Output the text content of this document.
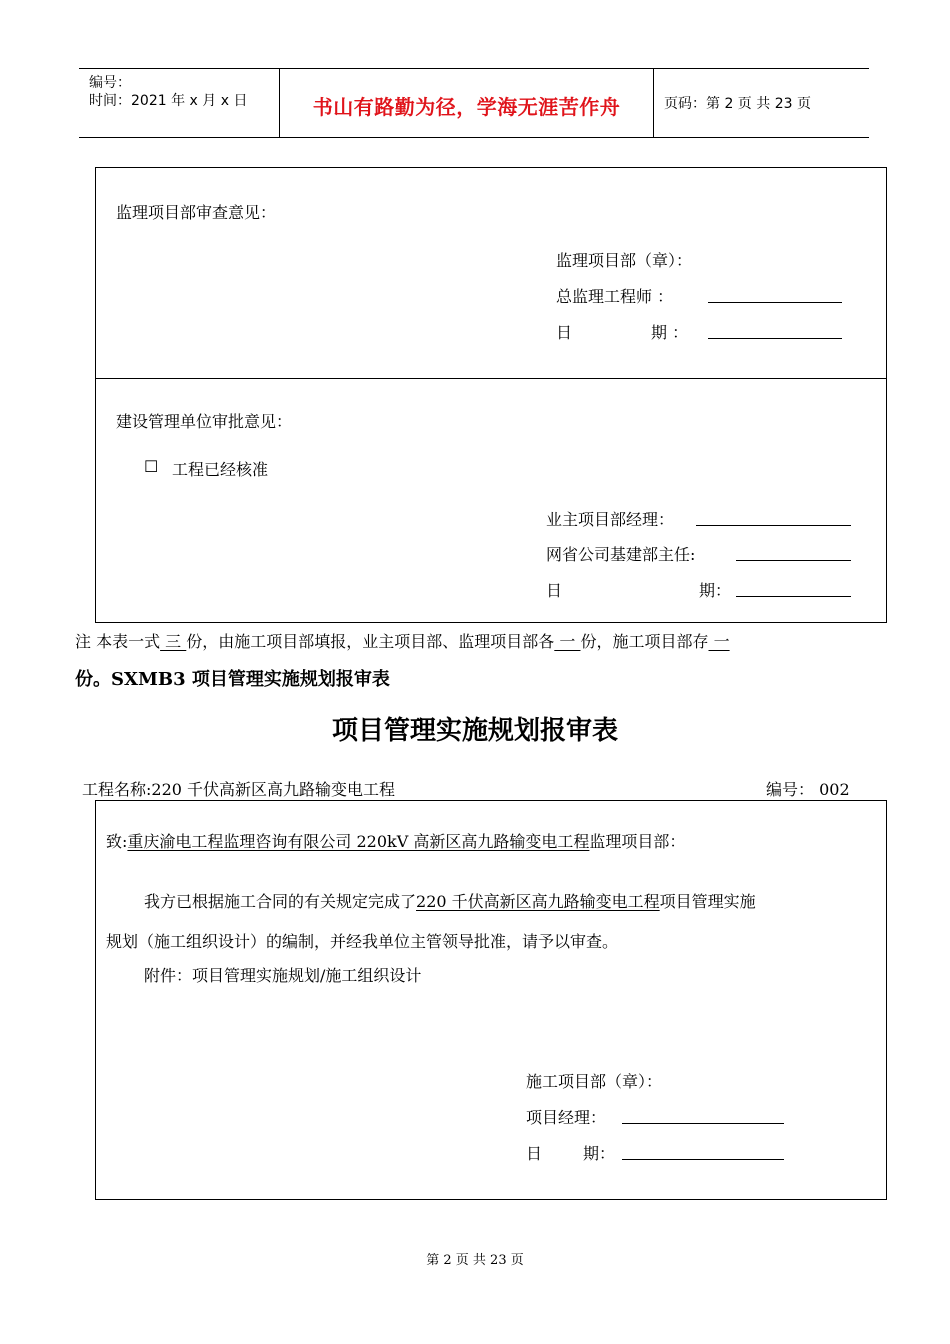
编号：
时间：2021 年 x 月 x 日	书山有路勤为径，学海无涯苦作舟	页码：第 2 页 共 23 页
监理项目部审查意见：
监理项目部（章）：
总监理工程师 ：
日	期 ：
建设管理单位审批意见：
☐ 工程已经核准
业主项目部经理：
网省公司基建部主任:
日	期：
注 本表一式 三 份，由施工项目部填报，业主项目部、监理项目部各 一 份，施工项目部存 一
份。SXMB3 项目管理实施规划报审表
项目管理实施规划报审表
工程名称:220 千伏高新区高九路输变电工程	编号： 002
致:重庆渝电工程监理咨询有限公司 220kV 高新区高九路输变电工程监理项目部：
我方已根据施工合同的有关规定完成了220 千伏高新区高九路输变电工程项目管理实施
规划（施工组织设计）的编制，并经我单位主管领导批准，请予以审查。
附件：项目管理实施规划/施工组织设计
施工项目部（章）：
项目经理：
日	期：
第 2 页 共 23 页
